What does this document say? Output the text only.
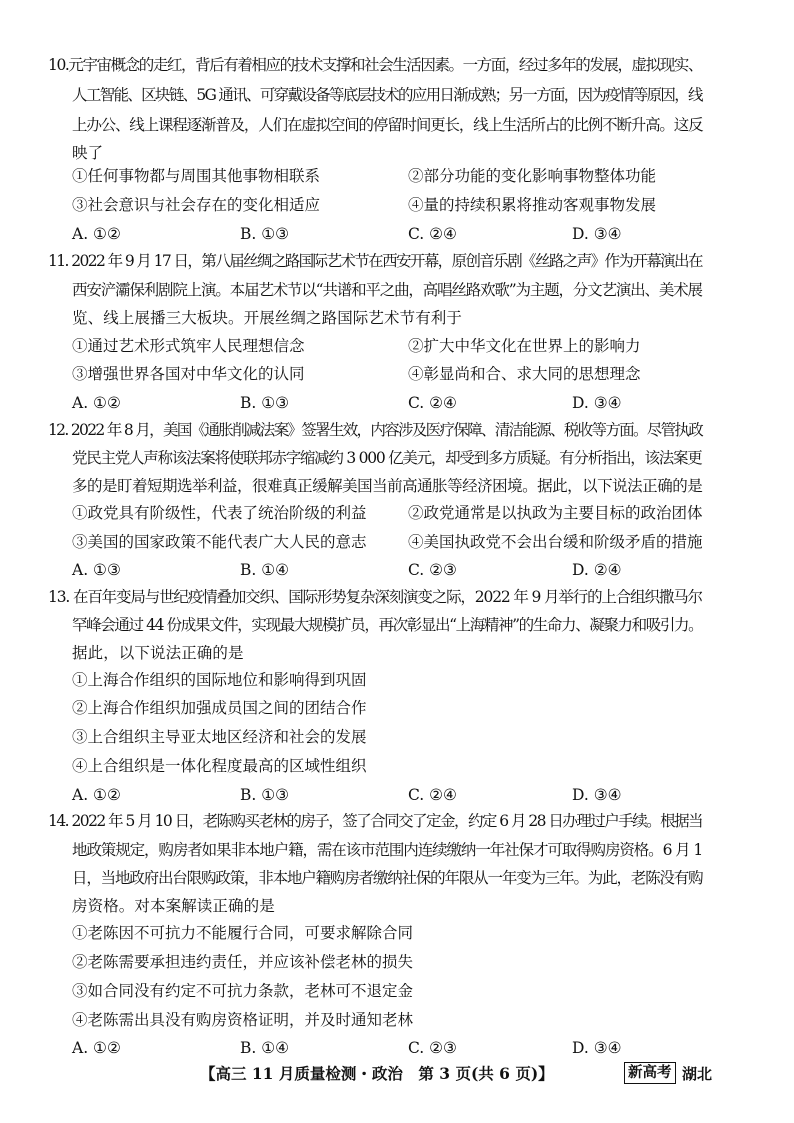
10.元宇宙概念的走红，背后有着相应的技术支撑和社会生活因素。一方面，经过多年的发展，虚拟现实、
人工智能、区块链、5G 通讯、可穿戴设备等底层技术的应用日渐成熟；另一方面，因为疫情等原因，线
上办公、线上课程逐渐普及，人们在虚拟空间的停留时间更长，线上生活所占的比例不断升高。这反
映了
①任何事物都与周围其他事物相联系	②部分功能的变化影响事物整体功能
③社会意识与社会存在的变化相适应	④量的持续积累将推动客观事物发展
A. ①②	B. ①③	C. ②④	D. ③④
11. 2022 年 9 月 17 日，第八届丝绸之路国际艺术节在西安开幕，原创音乐剧《丝路之声》作为开幕演出在
西安浐灞保利剧院上演。本届艺术节以“共谱和平之曲，高唱丝路欢歌”为主题，分文艺演出、美术展
览、线上展播三大板块。开展丝绸之路国际艺术节有利于
①通过艺术形式筑牢人民理想信念	②扩大中华文化在世界上的影响力
③增强世界各国对中华文化的认同	④彰显尚和合、求大同的思想理念
A. ①②	B. ①③	C. ②④	D. ③④
12. 2022 年 8 月，美国《通胀削减法案》签署生效，内容涉及医疗保障、清洁能源、税收等方面。尽管执政
党民主党人声称该法案将使联邦赤字缩减约 3 000 亿美元，却受到多方质疑。有分析指出，该法案更
多的是盯着短期选举利益，很难真正缓解美国当前高通胀等经济困境。据此，以下说法正确的是
①政党具有阶级性，代表了统治阶级的利益	②政党通常是以执政为主要目标的政治团体
③美国的国家政策不能代表广大人民的意志	④美国执政党不会出台缓和阶级矛盾的措施
A. ①③	B. ①④	C. ②③	D. ②④
13. 在百年变局与世纪疫情叠加交织、国际形势复杂深刻演变之际，2022 年 9 月举行的上合组织撒马尔
罕峰会通过 44 份成果文件，实现最大规模扩员，再次彰显出“上海精神”的生命力、凝聚力和吸引力。
据此，以下说法正确的是
①上海合作组织的国际地位和影响得到巩固
②上海合作组织加强成员国之间的团结合作
③上合组织主导亚太地区经济和社会的发展
④上合组织是一体化程度最高的区域性组织
A. ①②	B. ①③	C. ②④	D. ③④
14. 2022 年 5 月 10 日，老陈购买老林的房子，签了合同交了定金，约定 6 月 28 日办理过户手续。根据当
地政策规定，购房者如果非本地户籍，需在该市范围内连续缴纳一年社保才可取得购房资格。6 月 1
日，当地政府出台限购政策，非本地户籍购房者缴纳社保的年限从一年变为三年。为此，老陈没有购
房资格。对本案解读正确的是
①老陈因不可抗力不能履行合同，可要求解除合同
②老陈需要承担违约责任，并应该补偿老林的损失
③如合同没有约定不可抗力条款，老林可不退定金
④老陈需出具没有购房资格证明，并及时通知老林
A. ①②	B. ①④	C. ②③	D. ③④
【高三 11 月质量检测・政治　第 3 页(共 6 页)】	新高考 湖北
